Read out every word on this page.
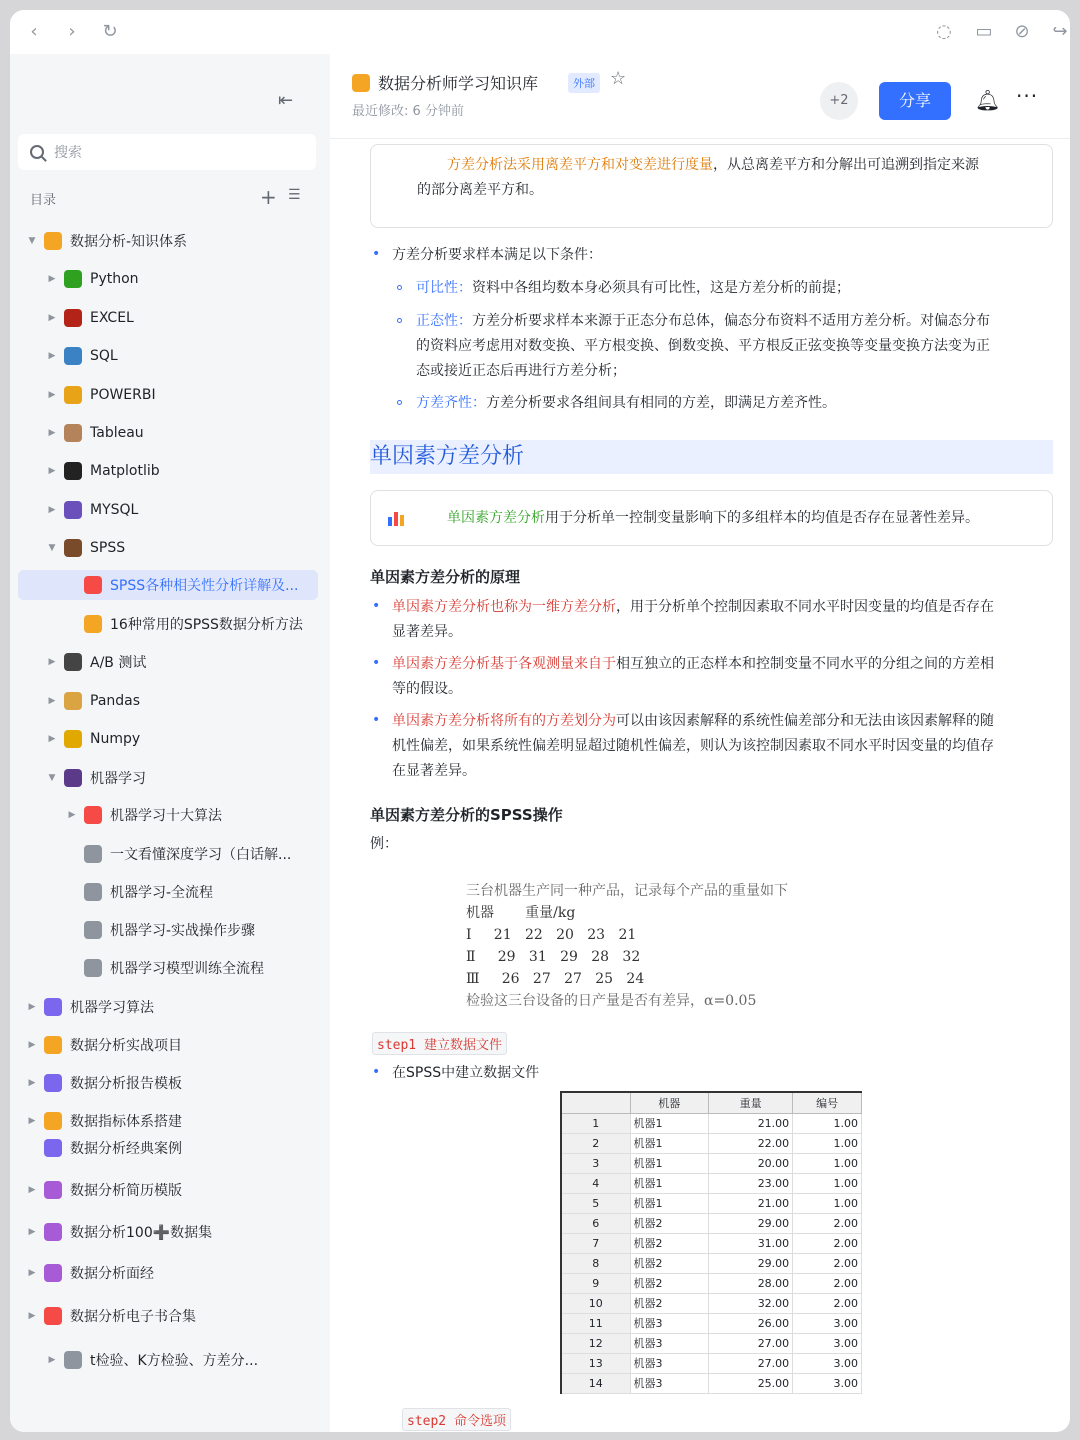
‹	›	↻	◌ ▭ ⊘ ↪
⇤
搜索
目录	+ ☰
▼ 数据分析-知识体系
▶ Python
▶ EXCEL
▶ SQL
▶ POWERBI
▶ Tableau
▶ Matplotlib
▶ MYSQL
▼ SPSS
SPSS各种相关性分析详解及...
16种常用的SPSS数据分析方法
▶ A/B 测试
▶ Pandas
▶ Numpy
▼ 机器学习
▶ 机器学习十大算法
一文看懂深度学习（白话解...
机器学习-全流程
机器学习-实战操作步骤
机器学习模型训练全流程
▶ 机器学习算法
▶ 数据分析实战项目
▶ 数据分析报告模板
▶ 数据指标体系搭建
数据分析经典案例
▶ 数据分析简历模版
▶ 数据分析100➕数据集
▶ 数据分析面经
▶ 数据分析电子书合集
▶ t检验、K方检验、方差分...
数据分析师学习知识库	外部 ☆
最近修改: 6 分钟前
+2	分享	🔔︎ ···
方差分析法采用离差平方和对变差进行度量，从总离差平方和分解出可追溯到指定来源
的部分离差平方和。
• 方差分析要求样本满足以下条件：
可比性：资料中各组均数本身必须具有可比性，这是方差分析的前提；
正态性：方差分析要求样本来源于正态分布总体，偏态分布资料不适用方差分析。对偏态分布
的资料应考虑用对数变换、平方根变换、倒数变换、平方根反正弦变换等变量变换方法变为正
态或接近正态后再进行方差分析；
方差齐性：方差分析要求各组间具有相同的方差，即满足方差齐性。
单因素方差分析
单因素方差分析用于分析单一控制变量影响下的多组样本的均值是否存在显著性差异。
单因素方差分析的原理
• 单因素方差分析也称为一维方差分析，用于分析单个控制因素取不同水平时因变量的均值是否存在
显著差异。
• 单因素方差分析基于各观测量来自于相互独立的正态样本和控制变量不同水平的分组之间的方差相
等的假设。
• 单因素方差分析将所有的方差划分为可以由该因素解释的系统性偏差部分和无法由该因素解释的随
机性偏差，如果系统性偏差明显超过随机性偏差，则认为该控制因素取不同水平时因变量的均值存
在显著差异。
单因素方差分析的SPSS操作
例：
三台机器生产同一种产品，记录每个产品的重量如下
机器       重量/kg
Ⅰ     21   22   20   23   21
Ⅱ     29   31   29   28   32
Ⅲ     26   27   27   25   24
检验这三台设备的日产量是否有差异，α=0.05
step1 建立数据文件
• 在SPSS中建立数据文件
	机器	重量	编号
1	机器1	21.00	1.00
2	机器1	22.00	1.00
3	机器1	20.00	1.00
4	机器1	23.00	1.00
5	机器1	21.00	1.00
6	机器2	29.00	2.00
7	机器2	31.00	2.00
8	机器2	29.00	2.00
9	机器2	28.00	2.00
10	机器2	32.00	2.00
11	机器3	26.00	3.00
12	机器3	27.00	3.00
13	机器3	27.00	3.00
14	机器3	25.00	3.00
step2 命令选项
